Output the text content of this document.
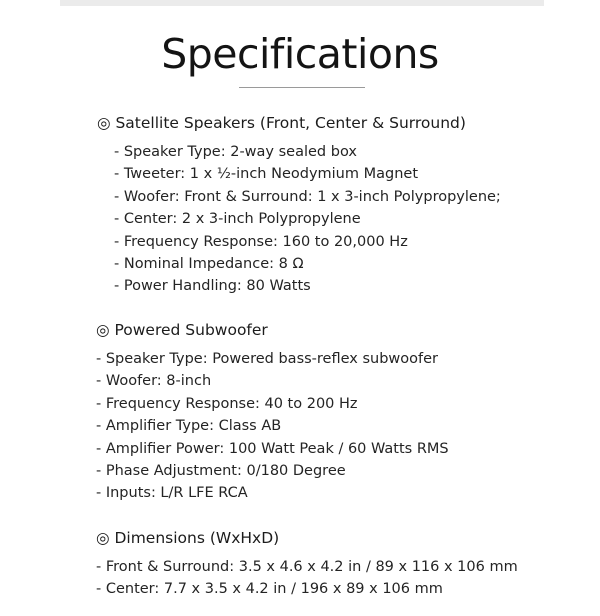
Specifications
◎ Satellite Speakers (Front, Center & Surround)
- Speaker Type: 2-way sealed box
- Tweeter: 1 x ½-inch Neodymium Magnet
- Woofer: Front & Surround: 1 x 3-inch Polypropylene;
- Center: 2 x 3-inch Polypropylene
- Frequency Response: 160 to 20,000 Hz
- Nominal Impedance: 8 Ω
- Power Handling: 80 Watts
◎ Powered Subwoofer
- Speaker Type: Powered bass-reflex subwoofer
- Woofer: 8-inch
- Frequency Response: 40 to 200 Hz
- Amplifier Type: Class AB
- Amplifier Power: 100 Watt Peak / 60 Watts RMS
- Phase Adjustment: 0/180 Degree
- Inputs: L/R LFE RCA
◎ Dimensions (WxHxD)
- Front & Surround: 3.5 x 4.6 x 4.2 in / 89 x 116 x 106 mm
- Center: 7.7 x 3.5 x 4.2 in / 196 x 89 x 106 mm
